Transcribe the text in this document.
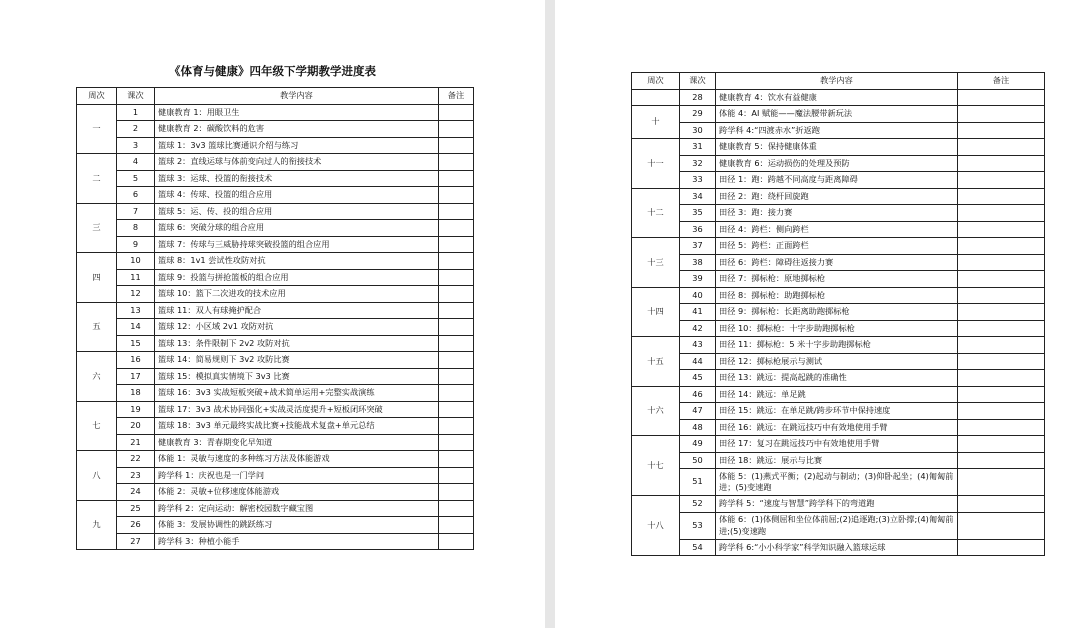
《体育与健康》四年级下学期教学进度表
周次	课次	教学内容	备注
一	1	健康教育 1：用眼卫生	
	2	健康教育 2：碳酸饮料的危害	
	3	篮球 1：3v3 篮球比赛通识介绍与练习	
二	4	篮球 2：直线运球与体前变向过人的衔接技术	
	5	篮球 3：运球、投篮的衔接技术	
	6	篮球 4：传球、投篮的组合应用	
三	7	篮球 5：运、传、投的组合应用	
	8	篮球 6：突破分球的组合应用	
	9	篮球 7：传球与三威胁持球突破投篮的组合应用	
四	10	篮球 8：1v1 尝试性攻防对抗	
	11	篮球 9：投篮与拼抢篮板的组合应用	
	12	篮球 10：篮下二次进攻的技术应用	
五	13	篮球 11：双人有球掩护配合	
	14	篮球 12：小区域 2v1 攻防对抗	
	15	篮球 13：条件限制下 2v2 攻防对抗	
六	16	篮球 14：简易规则下 3v2 攻防比赛	
	17	篮球 15：模拟真实情境下 3v3 比赛	
	18	篮球 16：3v3 实战短板突破+战术简单运用+完整实战演练	
七	19	篮球 17：3v3 战术协同强化+实战灵活度提升+短板闭环突破	
	20	篮球 18：3v3 单元最终实战比赛+技能战术复盘+单元总结	
	21	健康教育 3：青春期变化早知道	
八	22	体能 1：灵敏与速度的多种练习方法及体能游戏	
	23	跨学科 1：庆祝也是一门学问	
	24	体能 2：灵敏+位移速度体能游戏	
九	25	跨学科 2：定向运动：解密校园数字藏宝图	
	26	体能 3：发展协调性的跳跃练习	
	27	跨学科 3：种植小能手	
周次	课次	教学内容	备注
	28	健康教育 4：饮水有益健康	
十	29	体能 4：AI 赋能——魔法腰带新玩法	
	30	跨学科 4:“四渡赤水”折返跑	
十一	31	健康教育 5：保持健康体重	
	32	健康教育 6：运动损伤的处理及预防	
	33	田径 1：跑：跨越不同高度与距离障碍	
十二	34	田径 2：跑：绕杆回旋跑	
	35	田径 3：跑：接力赛	
	36	田径 4：跨栏：侧向跨栏	
十三	37	田径 5：跨栏：正面跨栏	
	38	田径 6：跨栏：障碍往返接力赛	
	39	田径 7：掷标枪：原地掷标枪	
十四	40	田径 8：掷标枪：助跑掷标枪	
	41	田径 9：掷标枪：长距离助跑掷标枪	
	42	田径 10：掷标枪：十字步助跑掷标枪	
十五	43	田径 11：掷标枪：5 米十字步助跑掷标枪	
	44	田径 12：掷标枪展示与测试	
	45	田径 13：跳远：提高起跳的准确性	
十六	46	田径 14：跳远：单足跳	
	47	田径 15：跳远：在单足跳/跨步环节中保持速度	
	48	田径 16：跳远：在跳远技巧中有效地使用手臂	
十七	49	田径 17：复习在跳远技巧中有效地使用手臂	
	50	田径 18：跳远：展示与比赛	
	51	体能 5：(1)燕式平衡；(2)起动与制动；(3)仰卧起坐；(4)匍匐前进；(5)变速跑	
十八	52	跨学科 5：“速度与智慧”跨学科下的弯道跑	
	53	体能 6：(1)体侧屈和坐位体前屈;(2)追逐跑;(3)立卧撑;(4)匍匐前进;(5)变速跑	
	54	跨学科 6:“小小科学家”科学知识融入篮球运球	
